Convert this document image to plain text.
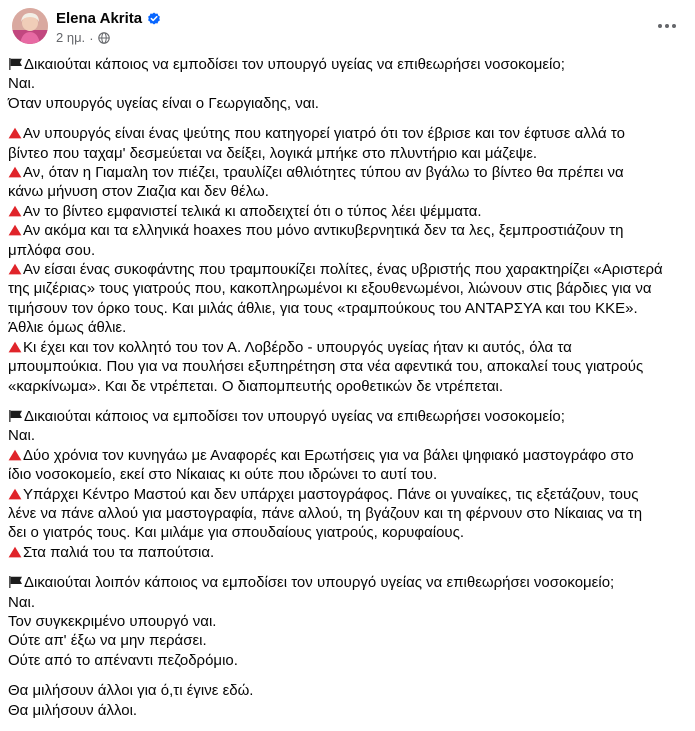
Elena Akrita
2 ημ. ·
Δικαιούται κάποιος να εμποδίσει τον υπουργό υγείας να επιθεωρήσει νοσοκομείο;
Ναι.
Όταν υπουργός υγείας είναι ο Γεωργιαδης, ναι.
Αν υπουργός είναι ένας ψεύτης που κατηγορεί γιατρό ότι τον έβρισε και τον έφτυσε αλλά το
βίντεο που ταχαμ' δεσμεύεται να δείξει, λογικά μπήκε στο πλυντήριο και μάζεψε.
Αν, όταν η Γιαμαλη τον πιέζει, τραυλίζει αθλιότητες τύπου αν βγάλω το βίντεο θα πρέπει να
κάνω μήνυση στον Ζιαζια και δεν θέλω.
Αν το βίντεο εμφανιστεί τελικά κι αποδειχτεί ότι ο τύπος λέει ψέμματα.
Αν ακόμα και τα ελληνικά hoaxes που μόνο αντικυβερνητικά δεν τα λες, ξεμπροστιάζουν τη
μπλόφα σου.
Αν είσαι ένας συκοφάντης που τραμπουκίζει πολίτες, ένας υβριστής που χαρακτηρίζει «Αριστερά
της μιζέριας» τους γιατρούς που, κακοπληρωμένοι κι εξουθενωμένοι, λιώνουν στις βάρδιες για να
τιμήσουν τον όρκο τους. Και μιλάς άθλιε, για τους «τραμπούκους του ΑΝΤΑΡΣΥΑ και του ΚΚΕ».
Άθλιε όμως άθλιε.
Κι έχει και τον κολλητό του τον Α. Λοβέρδο - υπουργός υγείας ήταν κι αυτός, όλα τα
μπουμπούκια. Που για να πουλήσει εξυπηρέτηση στα νέα αφεντικά του, αποκαλεί τους γιατρούς
«καρκίνωμα». Και δε ντρέπεται. Ο διαπομπευτής οροθετικών δε ντρέπεται.
Δικαιούται κάποιος να εμποδίσει τον υπουργό υγείας να επιθεωρήσει νοσοκομείο;
Ναι.
Δύο χρόνια τον κυνηγάω με Αναφορές και Ερωτήσεις για να βάλει ψηφιακό μαστογράφο στο
ίδιο νοσοκομείο, εκεί στο Νίκαιας κι ούτε που ιδρώνει το αυτί του.
Υπάρχει Κέντρο Μαστού και δεν υπάρχει μαστογράφος. Πάνε οι γυναίκες, τις εξετάζουν, τους
λένε να πάνε αλλού για μαστογραφία, πάνε αλλού, τη βγάζουν και τη φέρνουν στο Νίκαιας να τη
δει ο γιατρός τους. Και μιλάμε για σπουδαίους γιατρούς, κορυφαίους.
Στα παλιά του τα παπούτσια.
Δικαιούται λοιπόν κάποιος να εμποδίσει τον υπουργό υγείας να επιθεωρήσει νοσοκομείο;
Ναι.
Τον συγκεκριμένο υπουργό ναι.
Ούτε απ' έξω να μην περάσει.
Ούτε από το απέναντι πεζοδρόμιο.
Θα μιλήσουν άλλοι για ό,τι έγινε εδώ.
Θα μιλήσουν άλλοι.
